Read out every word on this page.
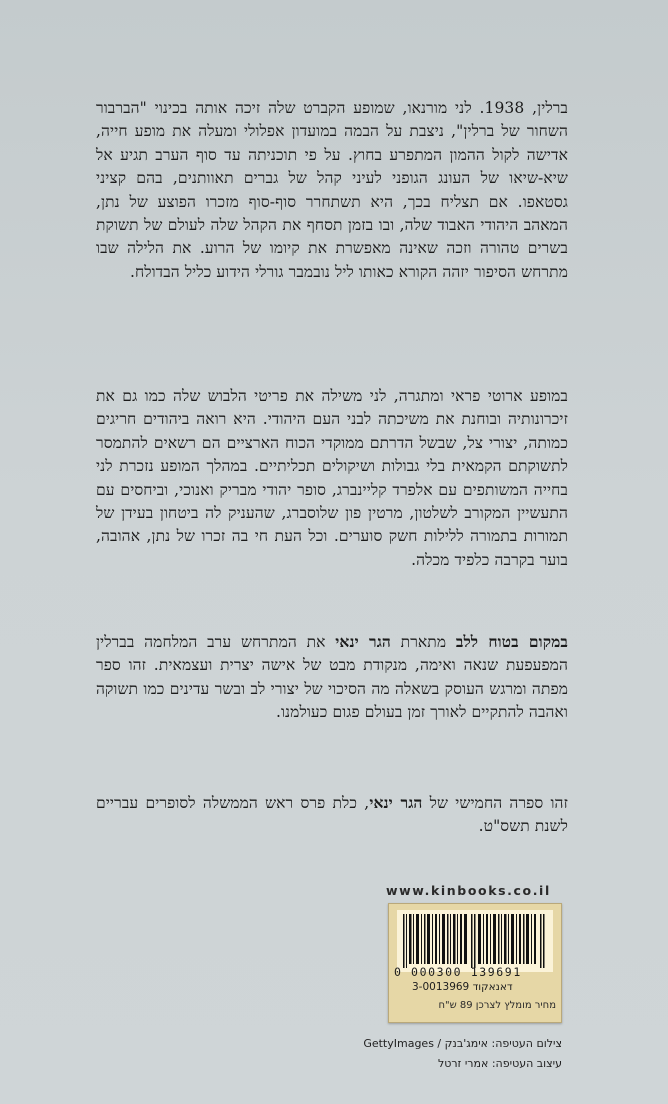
ברלין, 1938. לני מורנאו, שמופע הקברט שלה זיכה אותה בכינוי "הברבור השחור של ברלין", ניצבת על הבמה במועדון אפלולי ומעלה את מופע חייה, אדישה לקול ההמון המתפרע בחוץ. על פי תוכניתה עד סוף הערב תגיע אל שיא-שיאו של העונג הגופני לעיני קהל של גברים תאוותנים, בהם קציני גסטאפו. אם תצליח בכך, היא תשתחרר סוף-סוף מזכרו הפוצע של נתן, המאהב היהודי האבוד שלה, ובו בזמן תסחף את הקהל שלה לעולם של תשוקת בשרים טהורה וזכה שאינה מאפשרת את קיומו של הרוע. את הלילה שבו מתרחש הסיפור יזהה הקורא כאותו ליל נובמבר גורלי הידוע כליל הבדולח.

במופע ארוטי פראי ומתגרה, לני משילה את פריטי הלבוש שלה כמו גם את זיכרונותיה ובוחנת את משיכתה לבני העם היהודי. היא רואה ביהודים חריגים כמותה, יצורי צל, שבשל הדרתם ממוקדי הכוח הארציים הם רשאים להתמסר לתשוקתם הקמאית בלי גבולות ושיקולים תכליתיים. במהלך המופע נזכרת לני בחייה המשותפים עם אלפרד קליינברג, סופר יהודי מבריק ואנוכי, וביחסים עם התעשיין המקורב לשלטון, מרטין פון שלוסברג, שהעניק לה ביטחון בעידן של תמורות בתמורה ללילות חשק סוערים. וכל העת חי בה זכרו של נתן, אהובה, בוער בקרבה כלפיד מכלה.

במקום בטוח ללב מתארת הגר ינאי את המתרחש ערב המלחמה בברלין המפעפעת שנאה ואימה, מנקודת מבט של אישה יצרית ועצמאית. זהו ספר מפתה ומרגש העוסק בשאלה מה הסיכוי של יצורי לב ובשר עדינים כמו תשוקה ואהבה להתקיים לאורך זמן בעולם פגום כעולמנו.

זהו ספרה החמישי של הגר ינאי, כלת פרס ראש הממשלה לסופרים עבריים לשנת תשס"ט.

www.kinbooks.co.il
0 000300 139691
דאנאקוד 3-0013969
מחיר מומלץ לצרכן 89 ש"ח
צילום העטיפה: אימג'בנק / GettyImages
עיצוב העטיפה: אמרי זרטל
